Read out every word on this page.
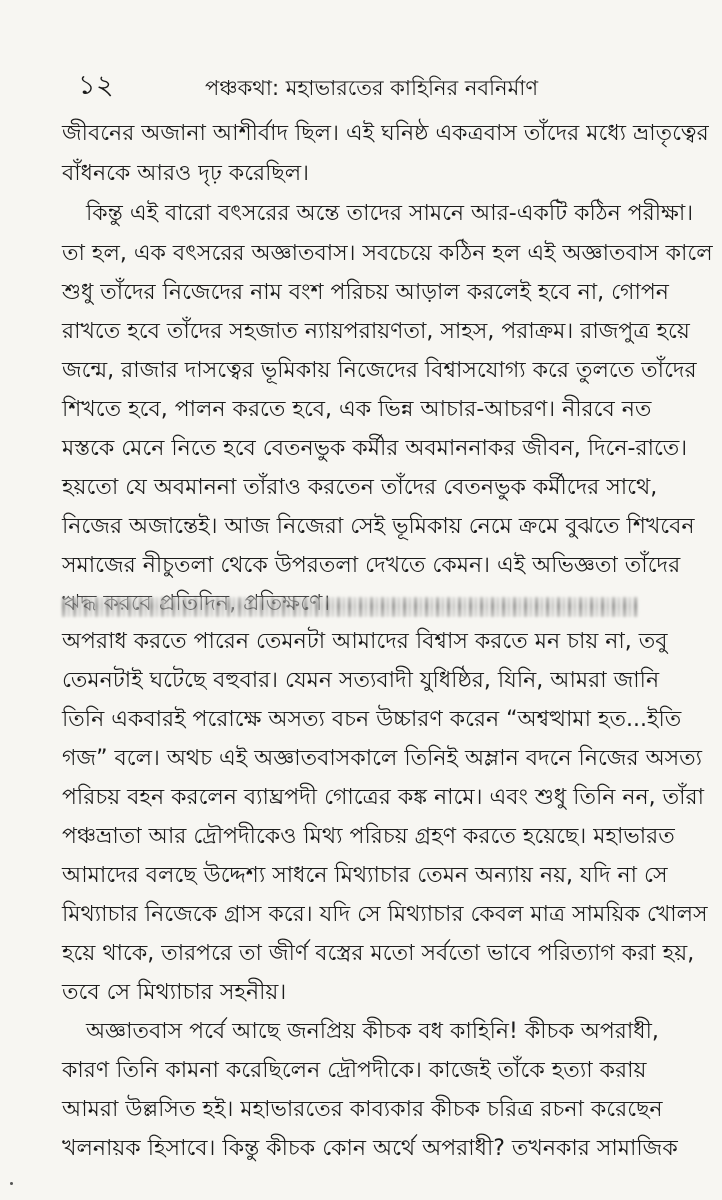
১২	পঞ্চকথা: মহাভারতের কাহিনির নবনির্মাণ
জীবনের অজানা আশীর্বাদ ছিল। এই ঘনিষ্ঠ একত্রবাস তাঁদের মধ্যে ভ্রাতৃত্বের
বাঁধনকে আরও দৃঢ় করেছিল।
কিন্তু এই বারো বৎসরের অন্তে তাদের সামনে আর-একটি কঠিন পরীক্ষা।
তা হল, এক বৎসরের অজ্ঞাতবাস। সবচেয়ে কঠিন হল এই অজ্ঞাতবাস কালে
শুধু তাঁদের নিজেদের নাম বংশ পরিচয় আড়াল করলেই হবে না, গোপন
রাখতে হবে তাঁদের সহজাত ন্যায়পরায়ণতা, সাহস, পরাক্রম। রাজপুত্র হয়ে
জন্মে, রাজার দাসত্বের ভূমিকায় নিজেদের বিশ্বাসযোগ্য করে তুলতে তাঁদের
শিখতে হবে, পালন করতে হবে, এক ভিন্ন আচার-আচরণ। নীরবে নত
মস্তকে মেনে নিতে হবে বেতনভুক কর্মীর অবমাননাকর জীবন, দিনে-রাতে।
হয়তো যে অবমাননা তাঁরাও করতেন তাঁদের বেতনভুক কর্মীদের সাথে,
নিজের অজান্তেই। আজ নিজেরা সেই ভূমিকায় নেমে ক্রমে বুঝতে শিখবেন
সমাজের নীচুতলা থেকে উপরতলা দেখতে কেমন। এই অভিজ্ঞতা তাঁদের
অপরাধ করতে পারেন তেমনটা আমাদের বিশ্বাস করতে মন চায় না, তবু
তেমনটাই ঘটেছে বহুবার। যেমন সত্যবাদী যুধিষ্ঠির, যিনি, আমরা জানি
তিনি একবারই পরোক্ষে অসত্য বচন উচ্চারণ করেন “অশ্বত্থামা হত...ইতি
গজ” বলে। অথচ এই অজ্ঞাতবাসকালে তিনিই অম্লান বদনে নিজের অসত্য
পরিচয় বহন করলেন ব্যাঘ্রপদী গোত্রের কঙ্ক নামে। এবং শুধু তিনি নন, তাঁরা
পঞ্চভ্রাতা আর দ্রৌপদীকেও মিথ্য পরিচয় গ্রহণ করতে হয়েছে। মহাভারত
আমাদের বলছে উদ্দেশ্য সাধনে মিথ্যাচার তেমন অন্যায় নয়, যদি না সে
মিথ্যাচার নিজেকে গ্রাস করে। যদি সে মিথ্যাচার কেবল মাত্র সাময়িক খোলস
হয়ে থাকে, তারপরে তা জীর্ণ বস্ত্রের মতো সর্বতো ভাবে পরিত্যাগ করা হয়,
তবে সে মিথ্যাচার সহনীয়।
অজ্ঞাতবাস পর্বে আছে জনপ্রিয় কীচক বধ কাহিনি! কীচক অপরাধী,
কারণ তিনি কামনা করেছিলেন দ্রৌপদীকে। কাজেই তাঁকে হত্যা করায়
আমরা উল্লসিত হই। মহাভারতের কাব্যকার কীচক চরিত্র রচনা করেছেন
খলনায়ক হিসাবে। কিন্তু কীচক কোন অর্থে অপরাধী? তখনকার সামাজিক
